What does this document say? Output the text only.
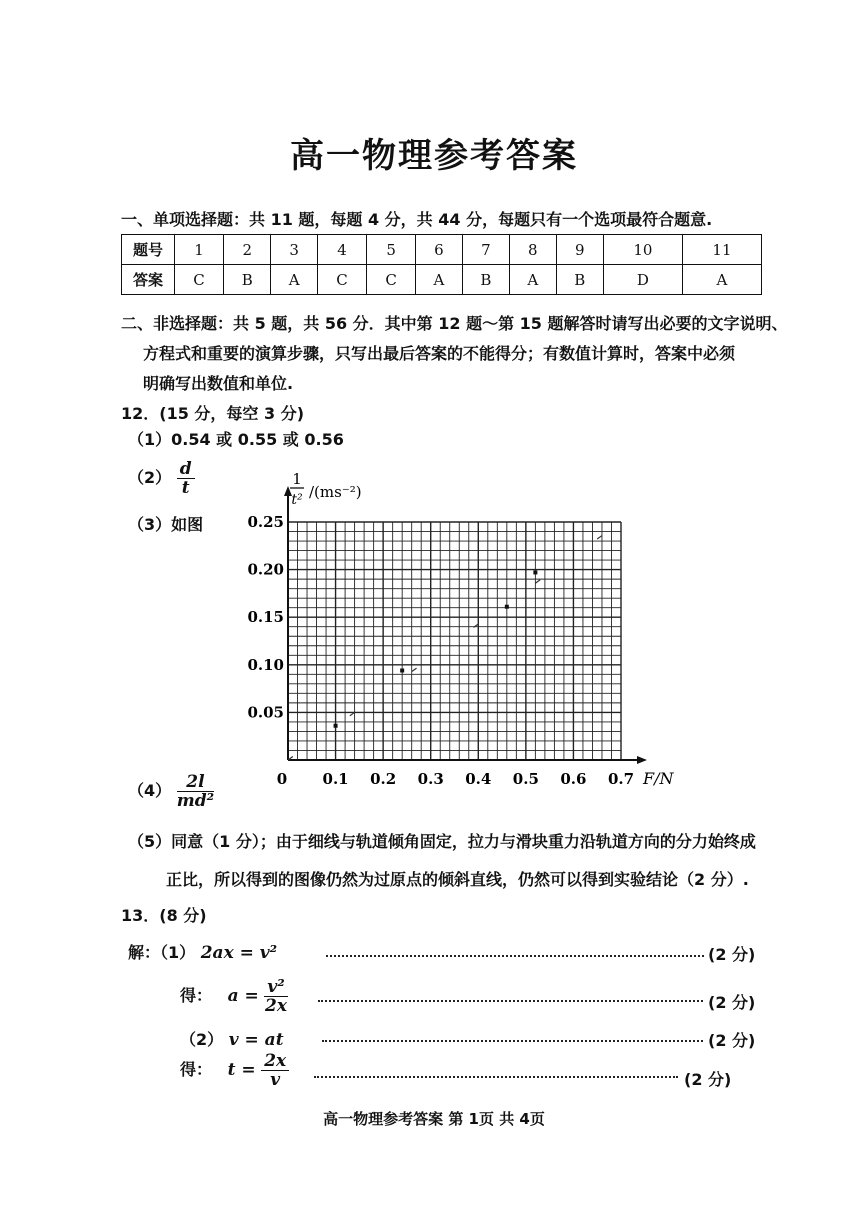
高一物理参考答案
一、单项选择题：共 11 题，每题 4 分，共 44 分，每题只有一个选项最符合题意.
题号	1	2	3	4	5	6	7	8	9	10	11
答案	C	B	A	C	C	A	B	A	B	D	A
二、非选择题：共 5 题，共 56 分．其中第 12 题～第 15 题解答时请写出必要的文字说明、
方程式和重要的演算步骤，只写出最后答案的不能得分；有数值计算时，答案中必须
明确写出数值和单位.
12．(15 分，每空 3 分)
（1）0.54 或 0.55 或 0.56
$(2) \frac{d}{t}$
（3）如图
0.1 0.2 0.3 0.4 0.5 0.6 0.7
0.05
0.10
0.15
0.20
0.25
1
t² /(ms⁻²)
F/N
0
$(4) \frac{2l}{\text{md²}}$
（5）同意（1 分）；由于细线与轨道倾角固定，拉力与滑块重力沿轨道方向的分力始终成
正比，所以得到的图像仍然为过原点的倾斜直线，仍然可以得到实验结论（2 分）.
13．(8 分)
解：（1） 2ax = v²	(2 分)
得： $a = \frac{\text{v²}}{2x}$	(2 分)
（2） v = at	(2 分)
得： $t = \frac{2x}{v}$	(2 分)
高一物理参考答案 第 1页 共 4页
